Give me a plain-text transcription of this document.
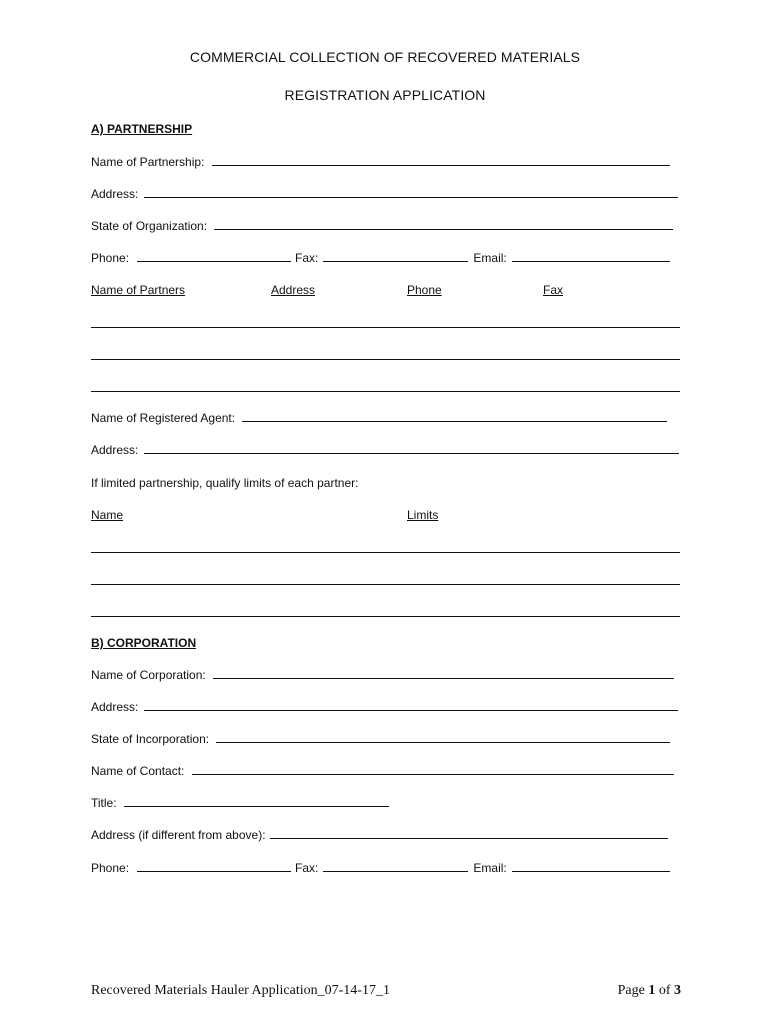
COMMERCIAL COLLECTION OF RECOVERED MATERIALS
REGISTRATION APPLICATION
A) PARTNERSHIP
Name of Partnership:
Address:
State of Organization:
Phone:	Fax:	Email:
Name of Partners	Address	Phone	Fax
Name of Registered Agent:
Address:
If limited partnership, qualify limits of each partner:
Name	Limits
B) CORPORATION
Name of Corporation:
Address:
State of Incorporation:
Name of Contact:
Title:
Address (if different from above):
Phone:	Fax:	Email:
Recovered Materials Hauler Application_07-14-17_1	Page 1 of 3
